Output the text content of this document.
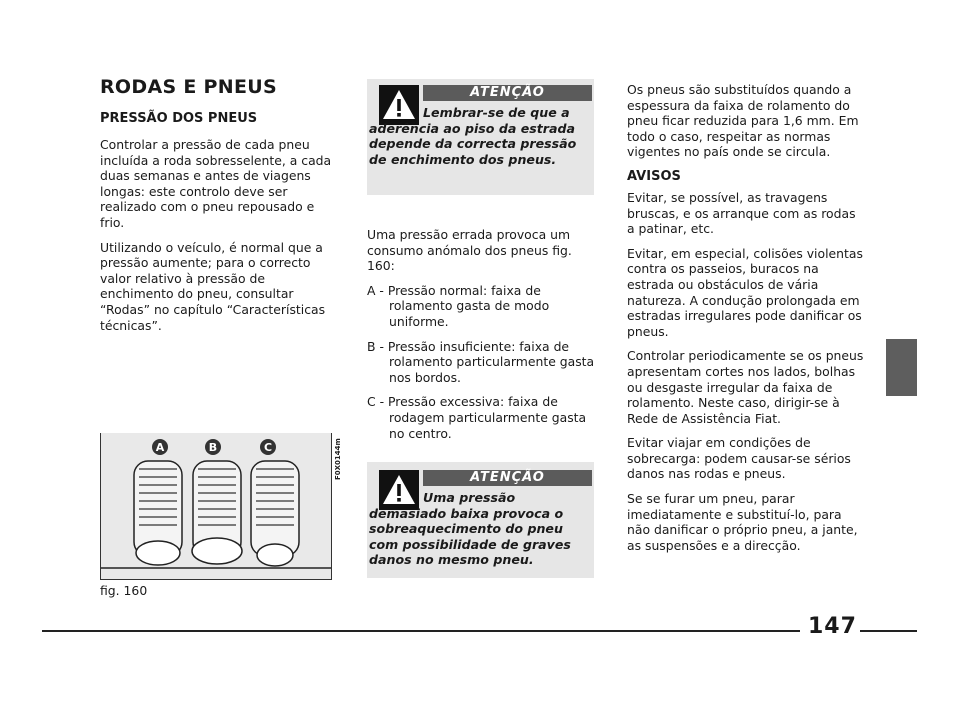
RODAS E PNEUS
PRESSÃO DOS PNEUS

Controlar a pressão de cada pneu incluída a roda sobresselente, a cada duas semanas e antes de viagens longas: este controlo deve ser realizado com o pneu repousado e frio.

Utilizando o veículo, é normal que a pressão aumente; para o correcto valor relativo à pressão de enchimento do pneu, consultar “Rodas” no capítulo “Características técnicas”.

A	B	C	F0X0144m
fig. 160
ATENÇÃO
Lembrar-se de que a aderência ao piso da estrada depende da correcta pressão de enchimento dos pneus.

Uma pressão errada provoca um consumo anómalo dos pneus fig. 160:

A - Pressão normal: faixa de rolamento gasta de modo uniforme.
B - Pressão insuficiente: faixa de rolamento particularmente gasta nos bordos.
C - Pressão excessiva: faixa de rodagem particularmente gasta no centro.
ATENÇÃO
Uma pressão demasiado baixa provoca o sobreaquecimento do pneu com possibilidade de graves danos no mesmo pneu.

Os pneus são substituídos quando a espessura da faixa de rolamento do pneu ficar reduzida para 1,6 mm. Em todo o caso, respeitar as normas vigentes no país onde se circula.

AVISOS

Evitar, se possível, as travagens bruscas, e os arranque com as rodas a patinar, etc.

Evitar, em especial, colisões violentas contra os passeios, buracos na estrada ou obstáculos de vária natureza. A condução prolongada em estradas irregulares pode danificar os pneus.

Controlar periodicamente se os pneus apresentam cortes nos lados, bolhas ou desgaste irregular da faixa de rolamento. Neste caso, dirigir-se à Rede de Assistência Fiat.

Evitar viajar em condições de sobrecarga: podem causar-se sérios danos nas rodas e pneus.

Se se furar um pneu, parar imediatamente e substituí-lo, para não danificar o próprio pneu, a jante, as suspensões e a direcção.

147
